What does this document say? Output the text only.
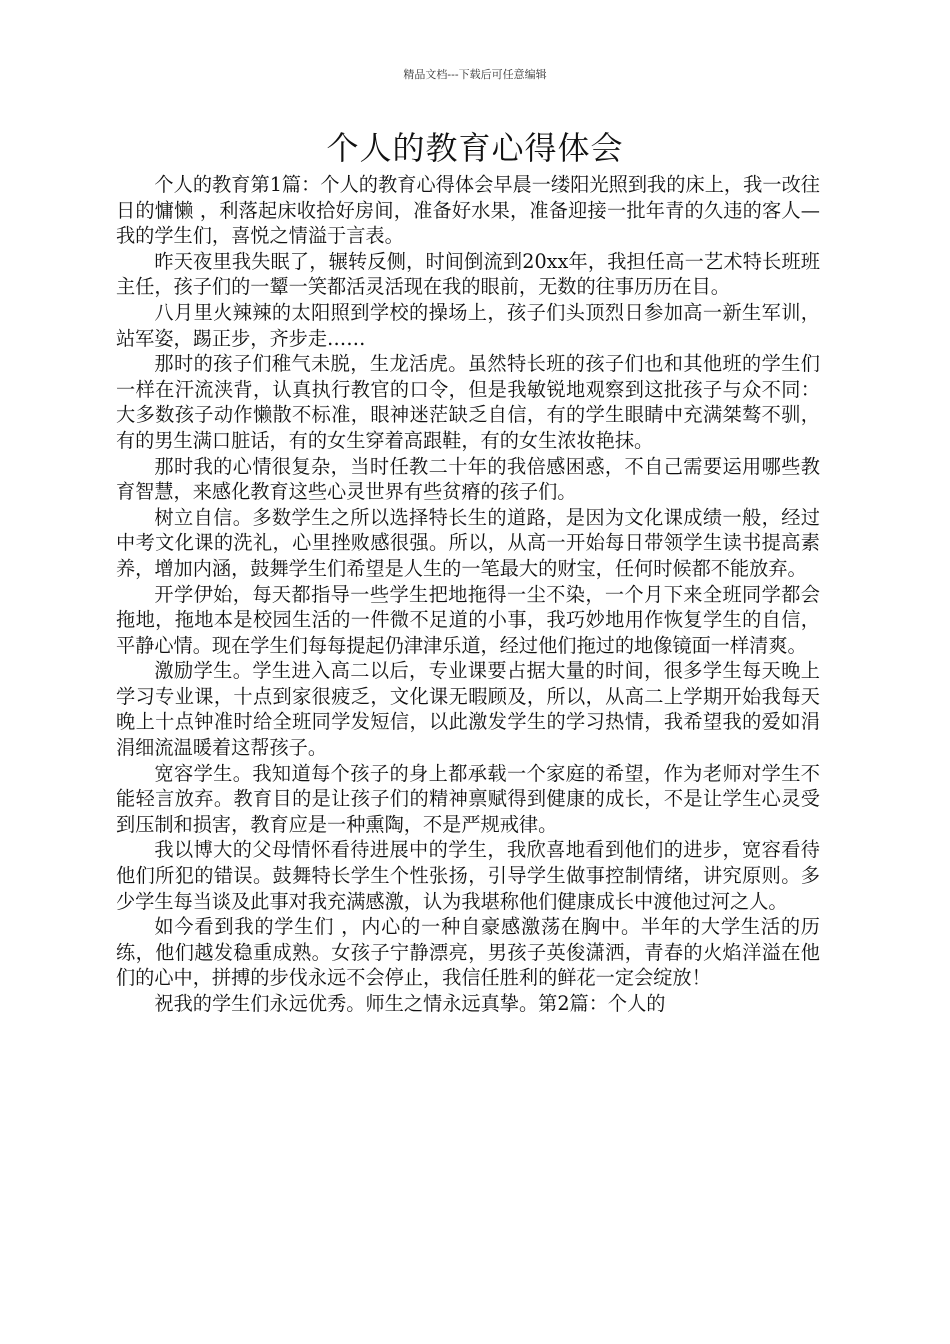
精品文档---下载后可任意编辑
个人的教育心得体会

个人的教育第1篇：个人的教育心得体会早晨一缕阳光照到我的床上，我一改往日的慵懒 ，利落起床收拾好房间，准备好水果，准备迎接一批年青的久违的客人—我的学生们，喜悦之情溢于言表。

昨天夜里我失眠了，辗转反侧，时间倒流到20xx年，我担任高一艺术特长班班主任，孩子们的一颦一笑都活灵活现在我的眼前，无数的往事历历在目。

八月里火辣辣的太阳照到学校的操场上，孩子们头顶烈日参加高一新生军训，站军姿，踢正步，齐步走……

那时的孩子们稚气未脱，生龙活虎。虽然特长班的孩子们也和其他班的学生们一样在汗流浃背，认真执行教官的口令，但是我敏锐地观察到这批孩子与众不同：大多数孩子动作懒散不标准，眼神迷茫缺乏自信，有的学生眼睛中充满桀骜不驯，有的男生满口脏话，有的女生穿着高跟鞋，有的女生浓妆艳抹。

那时我的心情很复杂，当时任教二十年的我倍感困惑，不自己需要运用哪些教育智慧，来感化教育这些心灵世界有些贫瘠的孩子们。

树立自信。多数学生之所以选择特长生的道路，是因为文化课成绩一般，经过中考文化课的洗礼，心里挫败感很强。所以，从高一开始每日带领学生读书提高素养，增加内涵，鼓舞学生们希望是人生的一笔最大的财宝，任何时候都不能放弃。

开学伊始，每天都指导一些学生把地拖得一尘不染，一个月下来全班同学都会拖地，拖地本是校园生活的一件微不足道的小事，我巧妙地用作恢复学生的自信，平静心情。现在学生们每每提起仍津津乐道，经过他们拖过的地像镜面一样清爽。

激励学生。学生进入高二以后，专业课要占据大量的时间，很多学生每天晚上学习专业课，十点到家很疲乏，文化课无暇顾及，所以，从高二上学期开始我每天晚上十点钟准时给全班同学发短信，以此激发学生的学习热情，我希望我的爱如涓涓细流温暖着这帮孩子。

宽容学生。我知道每个孩子的身上都承载一个家庭的希望，作为老师对学生不能轻言放弃。教育目的是让孩子们的精神禀赋得到健康的成长，不是让学生心灵受到压制和损害，教育应是一种熏陶，不是严规戒律。

我以博大的父母情怀看待进展中的学生，我欣喜地看到他们的进步，宽容看待他们所犯的错误。鼓舞特长学生个性张扬，引导学生做事控制情绪，讲究原则。多少学生每当谈及此事对我充满感激，认为我堪称他们健康成长中渡他过河之人。

如今看到我的学生们 ，内心的一种自豪感激荡在胸中。半年的大学生活的历练，他们越发稳重成熟。女孩子宁静漂亮，男孩子英俊潇洒，青春的火焰洋溢在他们的心中，拼搏的步伐永远不会停止，我信任胜利的鲜花一定会绽放！

祝我的学生们永远优秀。师生之情永远真挚。第2篇：个人的
